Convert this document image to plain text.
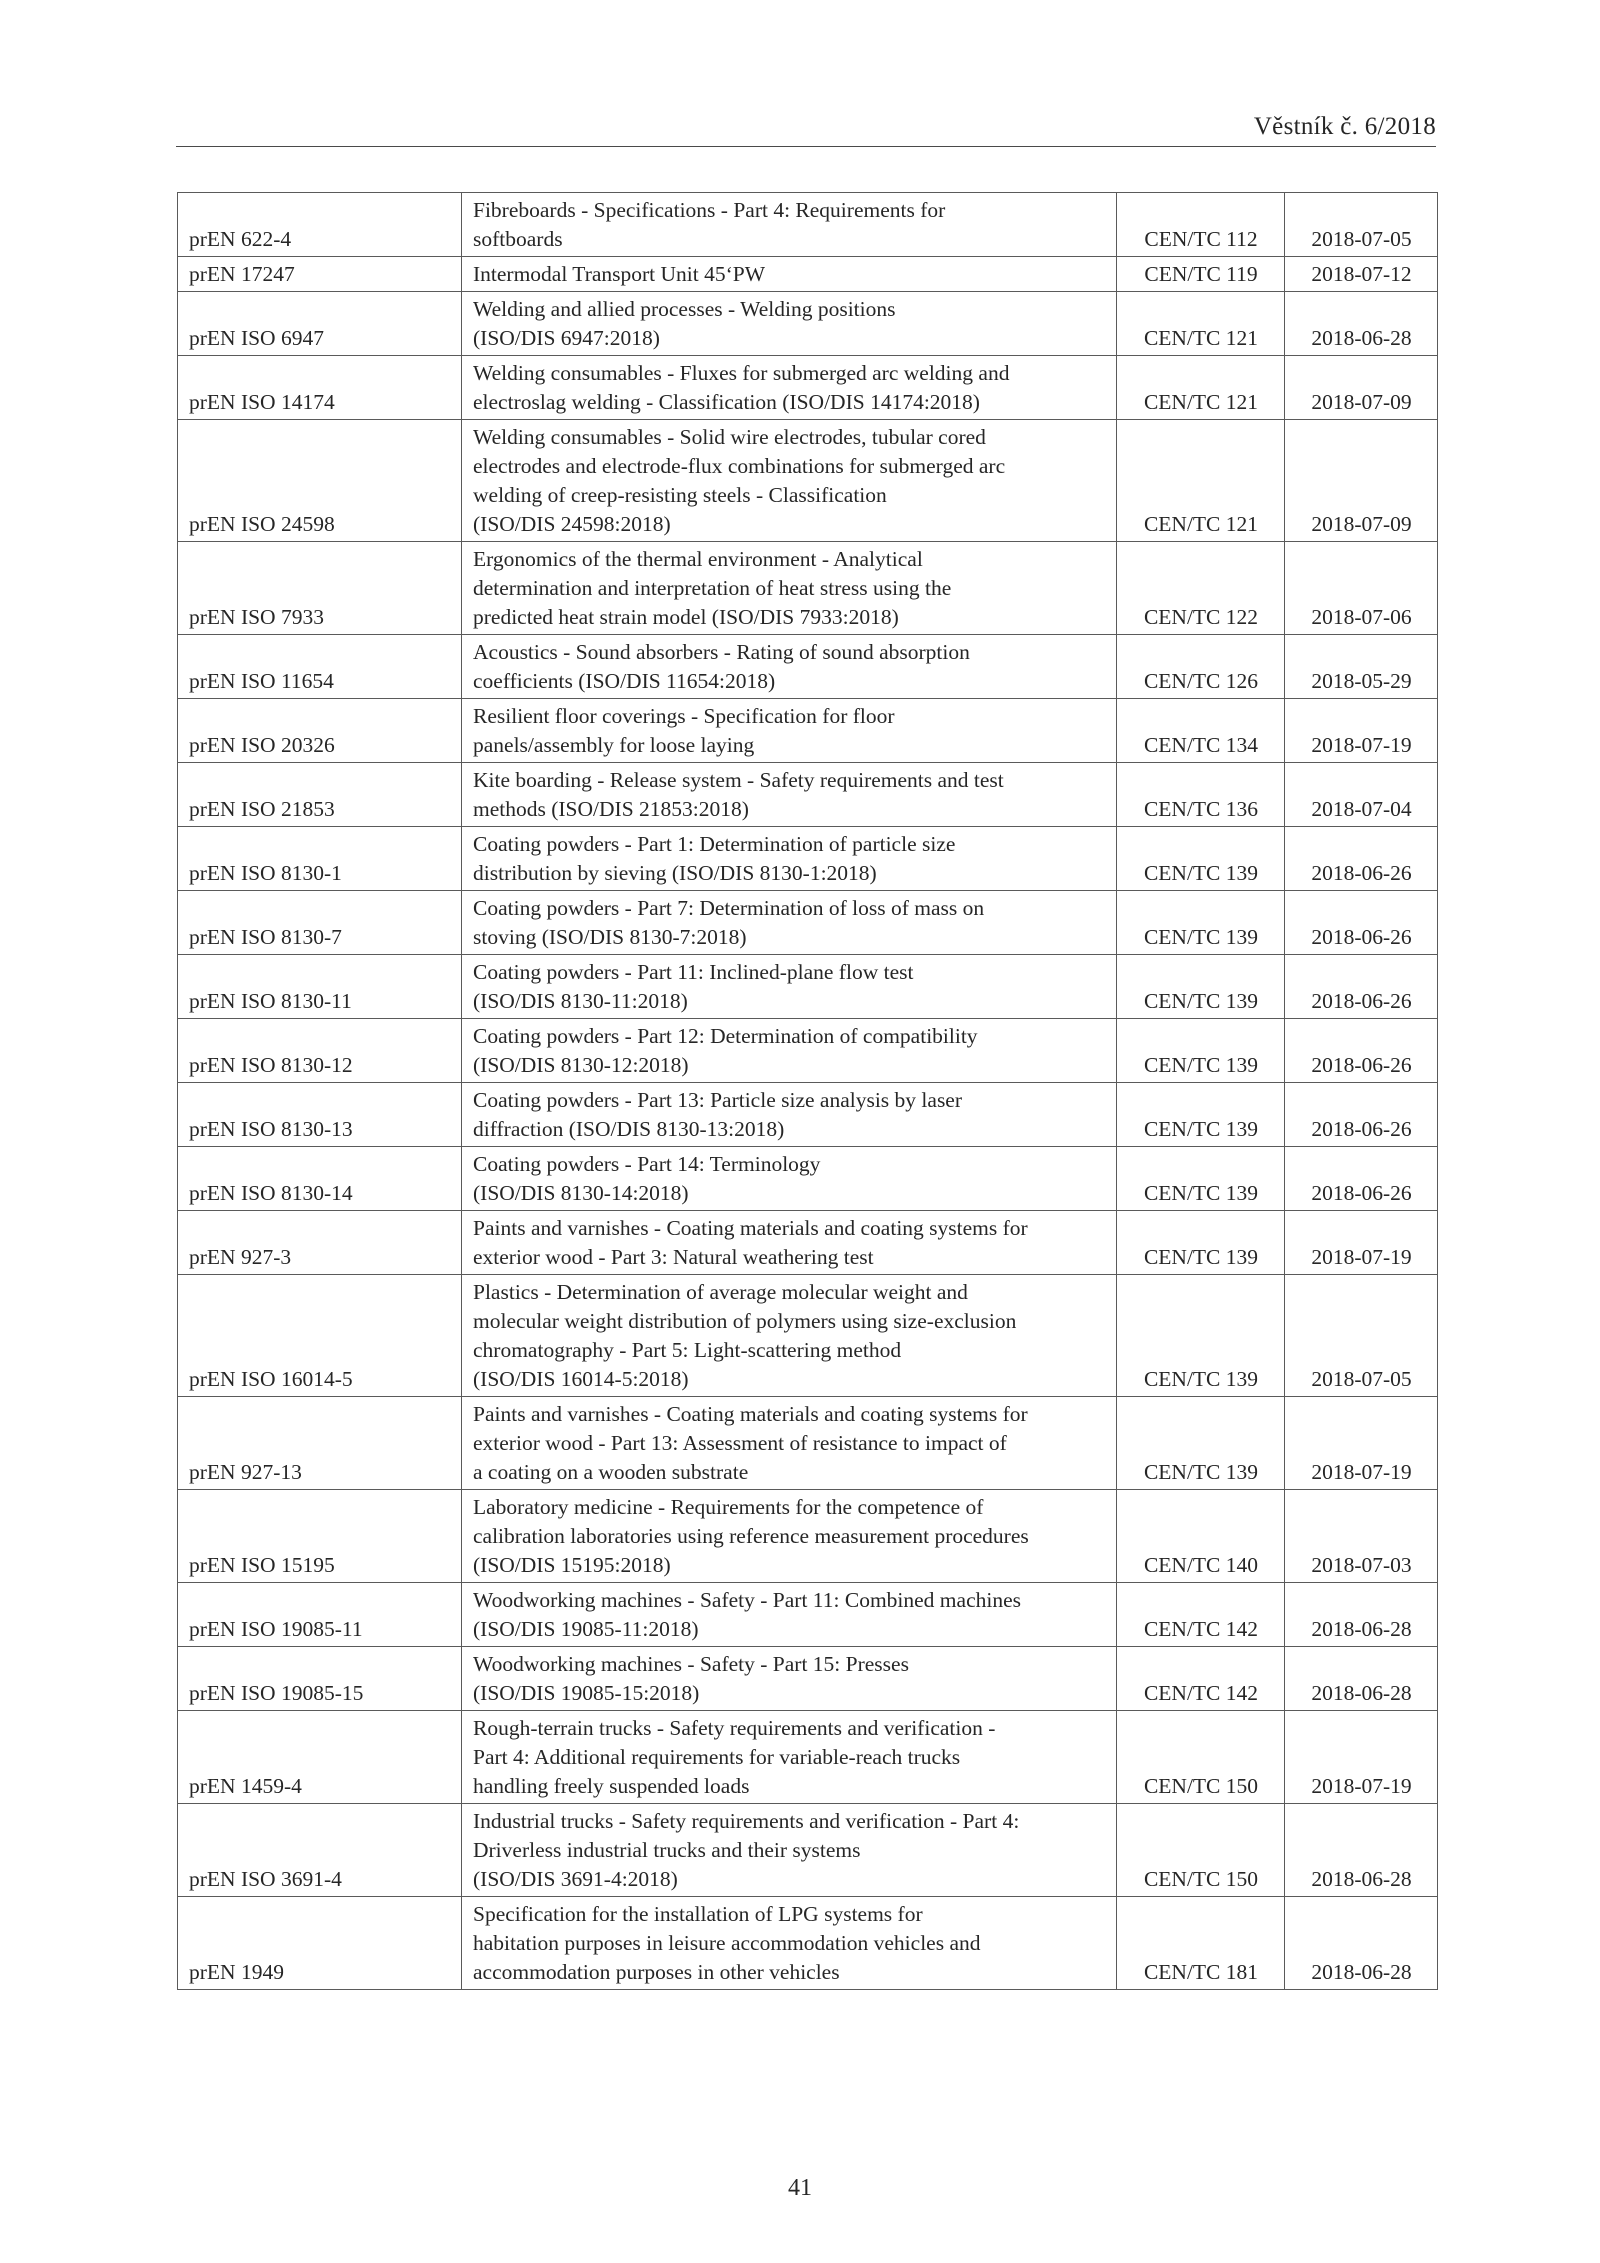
Věstník č. 6/2018
prEN 622-4	Fibreboards - Specifications - Part 4: Requirements for
softboards	CEN/TC 112	2018-07-05
prEN 17247	Intermodal Transport Unit 45‘PW	CEN/TC 119	2018-07-12
prEN ISO 6947	Welding and allied processes - Welding positions
(ISO/DIS 6947:2018)	CEN/TC 121	2018-06-28
prEN ISO 14174	Welding consumables - Fluxes for submerged arc welding and
electroslag welding - Classification (ISO/DIS 14174:2018)	CEN/TC 121	2018-07-09
prEN ISO 24598	Welding consumables - Solid wire electrodes, tubular cored
electrodes and electrode-flux combinations for submerged arc
welding of creep-resisting steels - Classification
(ISO/DIS 24598:2018)	CEN/TC 121	2018-07-09
prEN ISO 7933	Ergonomics of the thermal environment - Analytical
determination and interpretation of heat stress using the
predicted heat strain model (ISO/DIS 7933:2018)	CEN/TC 122	2018-07-06
prEN ISO 11654	Acoustics - Sound absorbers - Rating of sound absorption
coefficients (ISO/DIS 11654:2018)	CEN/TC 126	2018-05-29
prEN ISO 20326	Resilient floor coverings - Specification for floor
panels/assembly for loose laying	CEN/TC 134	2018-07-19
prEN ISO 21853	Kite boarding - Release system - Safety requirements and test
methods (ISO/DIS 21853:2018)	CEN/TC 136	2018-07-04
prEN ISO 8130-1	Coating powders - Part 1: Determination of particle size
distribution by sieving (ISO/DIS 8130-1:2018)	CEN/TC 139	2018-06-26
prEN ISO 8130-7	Coating powders - Part 7: Determination of loss of mass on
stoving (ISO/DIS 8130-7:2018)	CEN/TC 139	2018-06-26
prEN ISO 8130-11	Coating powders - Part 11: Inclined-plane flow test
(ISO/DIS 8130-11:2018)	CEN/TC 139	2018-06-26
prEN ISO 8130-12	Coating powders - Part 12: Determination of compatibility
(ISO/DIS 8130-12:2018)	CEN/TC 139	2018-06-26
prEN ISO 8130-13	Coating powders - Part 13: Particle size analysis by laser
diffraction (ISO/DIS 8130-13:2018)	CEN/TC 139	2018-06-26
prEN ISO 8130-14	Coating powders - Part 14: Terminology
(ISO/DIS 8130-14:2018)	CEN/TC 139	2018-06-26
prEN 927-3	Paints and varnishes - Coating materials and coating systems for
exterior wood - Part 3: Natural weathering test	CEN/TC 139	2018-07-19
prEN ISO 16014-5	Plastics - Determination of average molecular weight and
molecular weight distribution of polymers using size-exclusion
chromatography - Part 5: Light-scattering method
(ISO/DIS 16014-5:2018)	CEN/TC 139	2018-07-05
prEN 927-13	Paints and varnishes - Coating materials and coating systems for
exterior wood - Part 13: Assessment of resistance to impact of
a coating on a wooden substrate	CEN/TC 139	2018-07-19
prEN ISO 15195	Laboratory medicine - Requirements for the competence of
calibration laboratories using reference measurement procedures
(ISO/DIS 15195:2018)	CEN/TC 140	2018-07-03
prEN ISO 19085-11	Woodworking machines - Safety - Part 11: Combined machines
(ISO/DIS 19085-11:2018)	CEN/TC 142	2018-06-28
prEN ISO 19085-15	Woodworking machines - Safety - Part 15: Presses
(ISO/DIS 19085-15:2018)	CEN/TC 142	2018-06-28
prEN 1459-4	Rough-terrain trucks - Safety requirements and verification -
Part 4: Additional requirements for variable-reach trucks
handling freely suspended loads	CEN/TC 150	2018-07-19
prEN ISO 3691-4	Industrial trucks - Safety requirements and verification - Part 4:
Driverless industrial trucks and their systems
(ISO/DIS 3691-4:2018)	CEN/TC 150	2018-06-28
prEN 1949	Specification for the installation of LPG systems for
habitation purposes in leisure accommodation vehicles and
accommodation purposes in other vehicles	CEN/TC 181	2018-06-28
41
